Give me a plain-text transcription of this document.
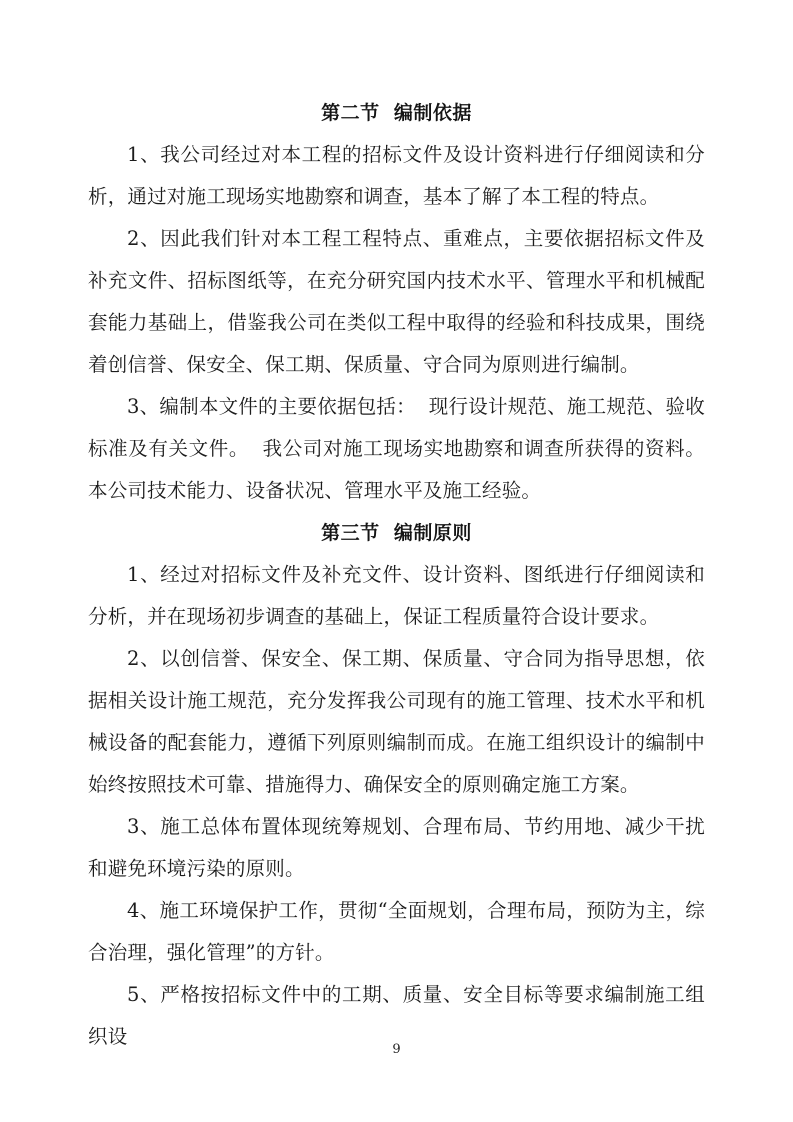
第二节  编制依据
1、我公司经过对本工程的招标文件及设计资料进行仔细阅读和分析，通过对施工现场实地勘察和调查，基本了解了本工程的特点。
2、因此我们针对本工程工程特点、重难点，主要依据招标文件及补充文件、招标图纸等，在充分研究国内技术水平、管理水平和机械配套能力基础上，借鉴我公司在类似工程中取得的经验和科技成果，围绕着创信誉、保安全、保工期、保质量、守合同为原则进行编制。
3、编制本文件的主要依据包括：  现行设计规范、施工规范、验收标准及有关文件。  我公司对施工现场实地勘察和调查所获得的资料。  本公司技术能力、设备状况、管理水平及施工经验。
第三节  编制原则
1、经过对招标文件及补充文件、设计资料、图纸进行仔细阅读和分析，并在现场初步调查的基础上，保证工程质量符合设计要求。
2、以创信誉、保安全、保工期、保质量、守合同为指导思想，依据相关设计施工规范，充分发挥我公司现有的施工管理、技术水平和机械设备的配套能力，遵循下列原则编制而成。在施工组织设计的编制中始终按照技术可靠、措施得力、确保安全的原则确定施工方案。
3、施工总体布置体现统筹规划、合理布局、节约用地、减少干扰和避免环境污染的原则。
4、施工环境保护工作，贯彻“全面规划，合理布局，预防为主，综合治理，强化管理”的方针。
5、严格按招标文件中的工期、质量、安全目标等要求编制施工组织设
9
